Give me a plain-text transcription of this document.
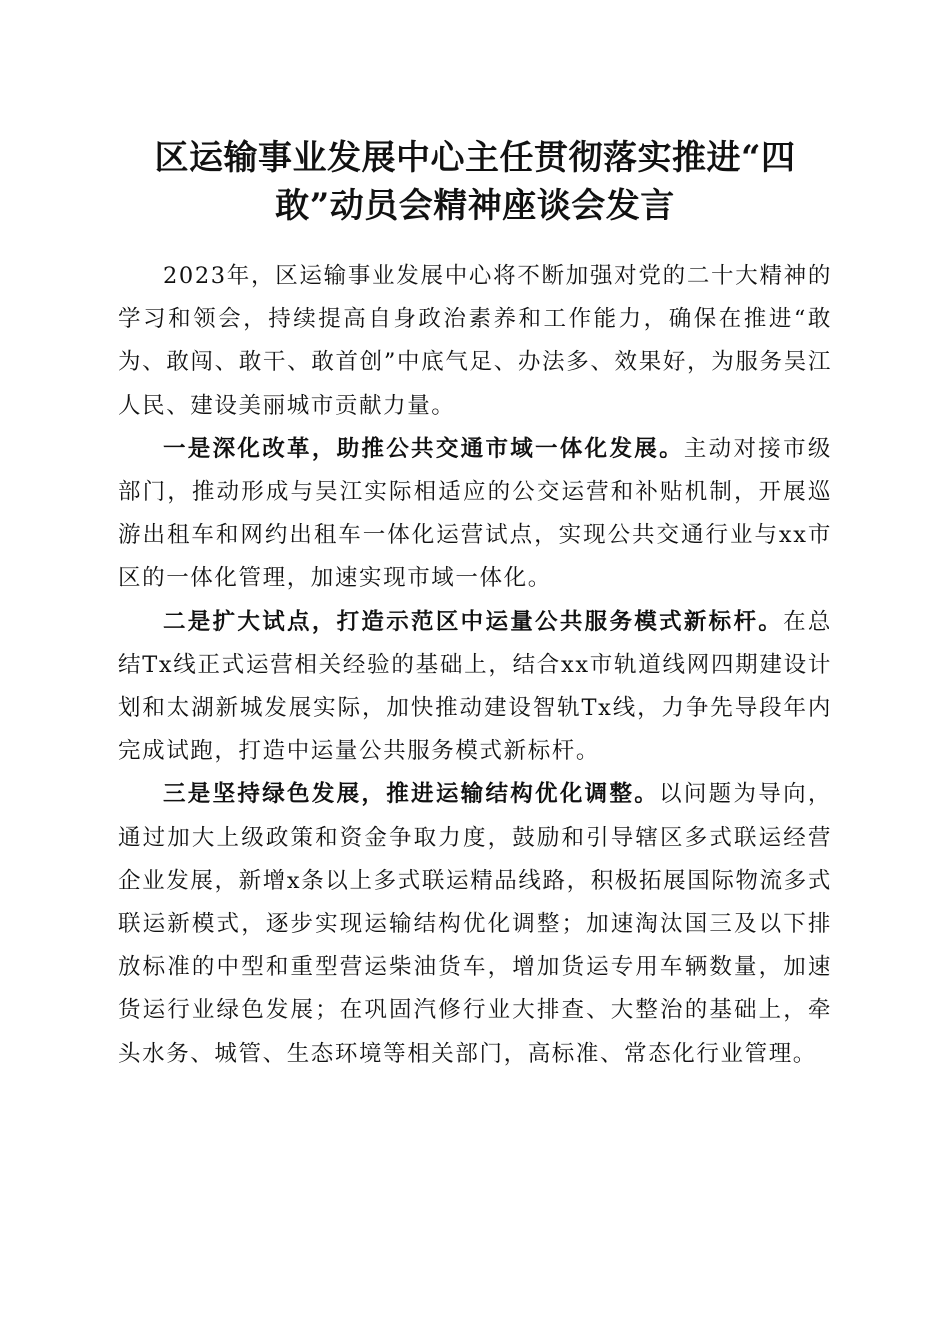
区运输事业发展中心主任贯彻落实推进“四
敢”动员会精神座谈会发言

2023年，区运输事业发展中心将不断加强对党的二十大精神的学习和领会，持续提高自身政治素养和工作能力，确保在推进“敢为、敢闯、敢干、敢首创”中底气足、办法多、效果好，为服务吴江人民、建设美丽城市贡献力量。

一是深化改革，助推公共交通市域一体化发展。主动对接市级部门，推动形成与吴江实际相适应的公交运营和补贴机制，开展巡游出租车和网约出租车一体化运营试点，实现公共交通行业与xx市区的一体化管理，加速实现市域一体化。

二是扩大试点，打造示范区中运量公共服务模式新标杆。在总结Tx线正式运营相关经验的基础上，结合xx市轨道线网四期建设计划和太湖新城发展实际，加快推动建设智轨Tx线，力争先导段年内完成试跑，打造中运量公共服务模式新标杆。

三是坚持绿色发展，推进运输结构优化调整。以问题为导向，通过加大上级政策和资金争取力度，鼓励和引导辖区多式联运经营企业发展，新增x条以上多式联运精品线路，积极拓展国际物流多式联运新模式，逐步实现运输结构优化调整；加速淘汰国三及以下排放标准的中型和重型营运柴油货车，增加货运专用车辆数量，加速货运行业绿色发展；在巩固汽修行业大排查、大整治的基础上，牵头水务、城管、生态环境等相关部门，高标准、常态化行业管理。
